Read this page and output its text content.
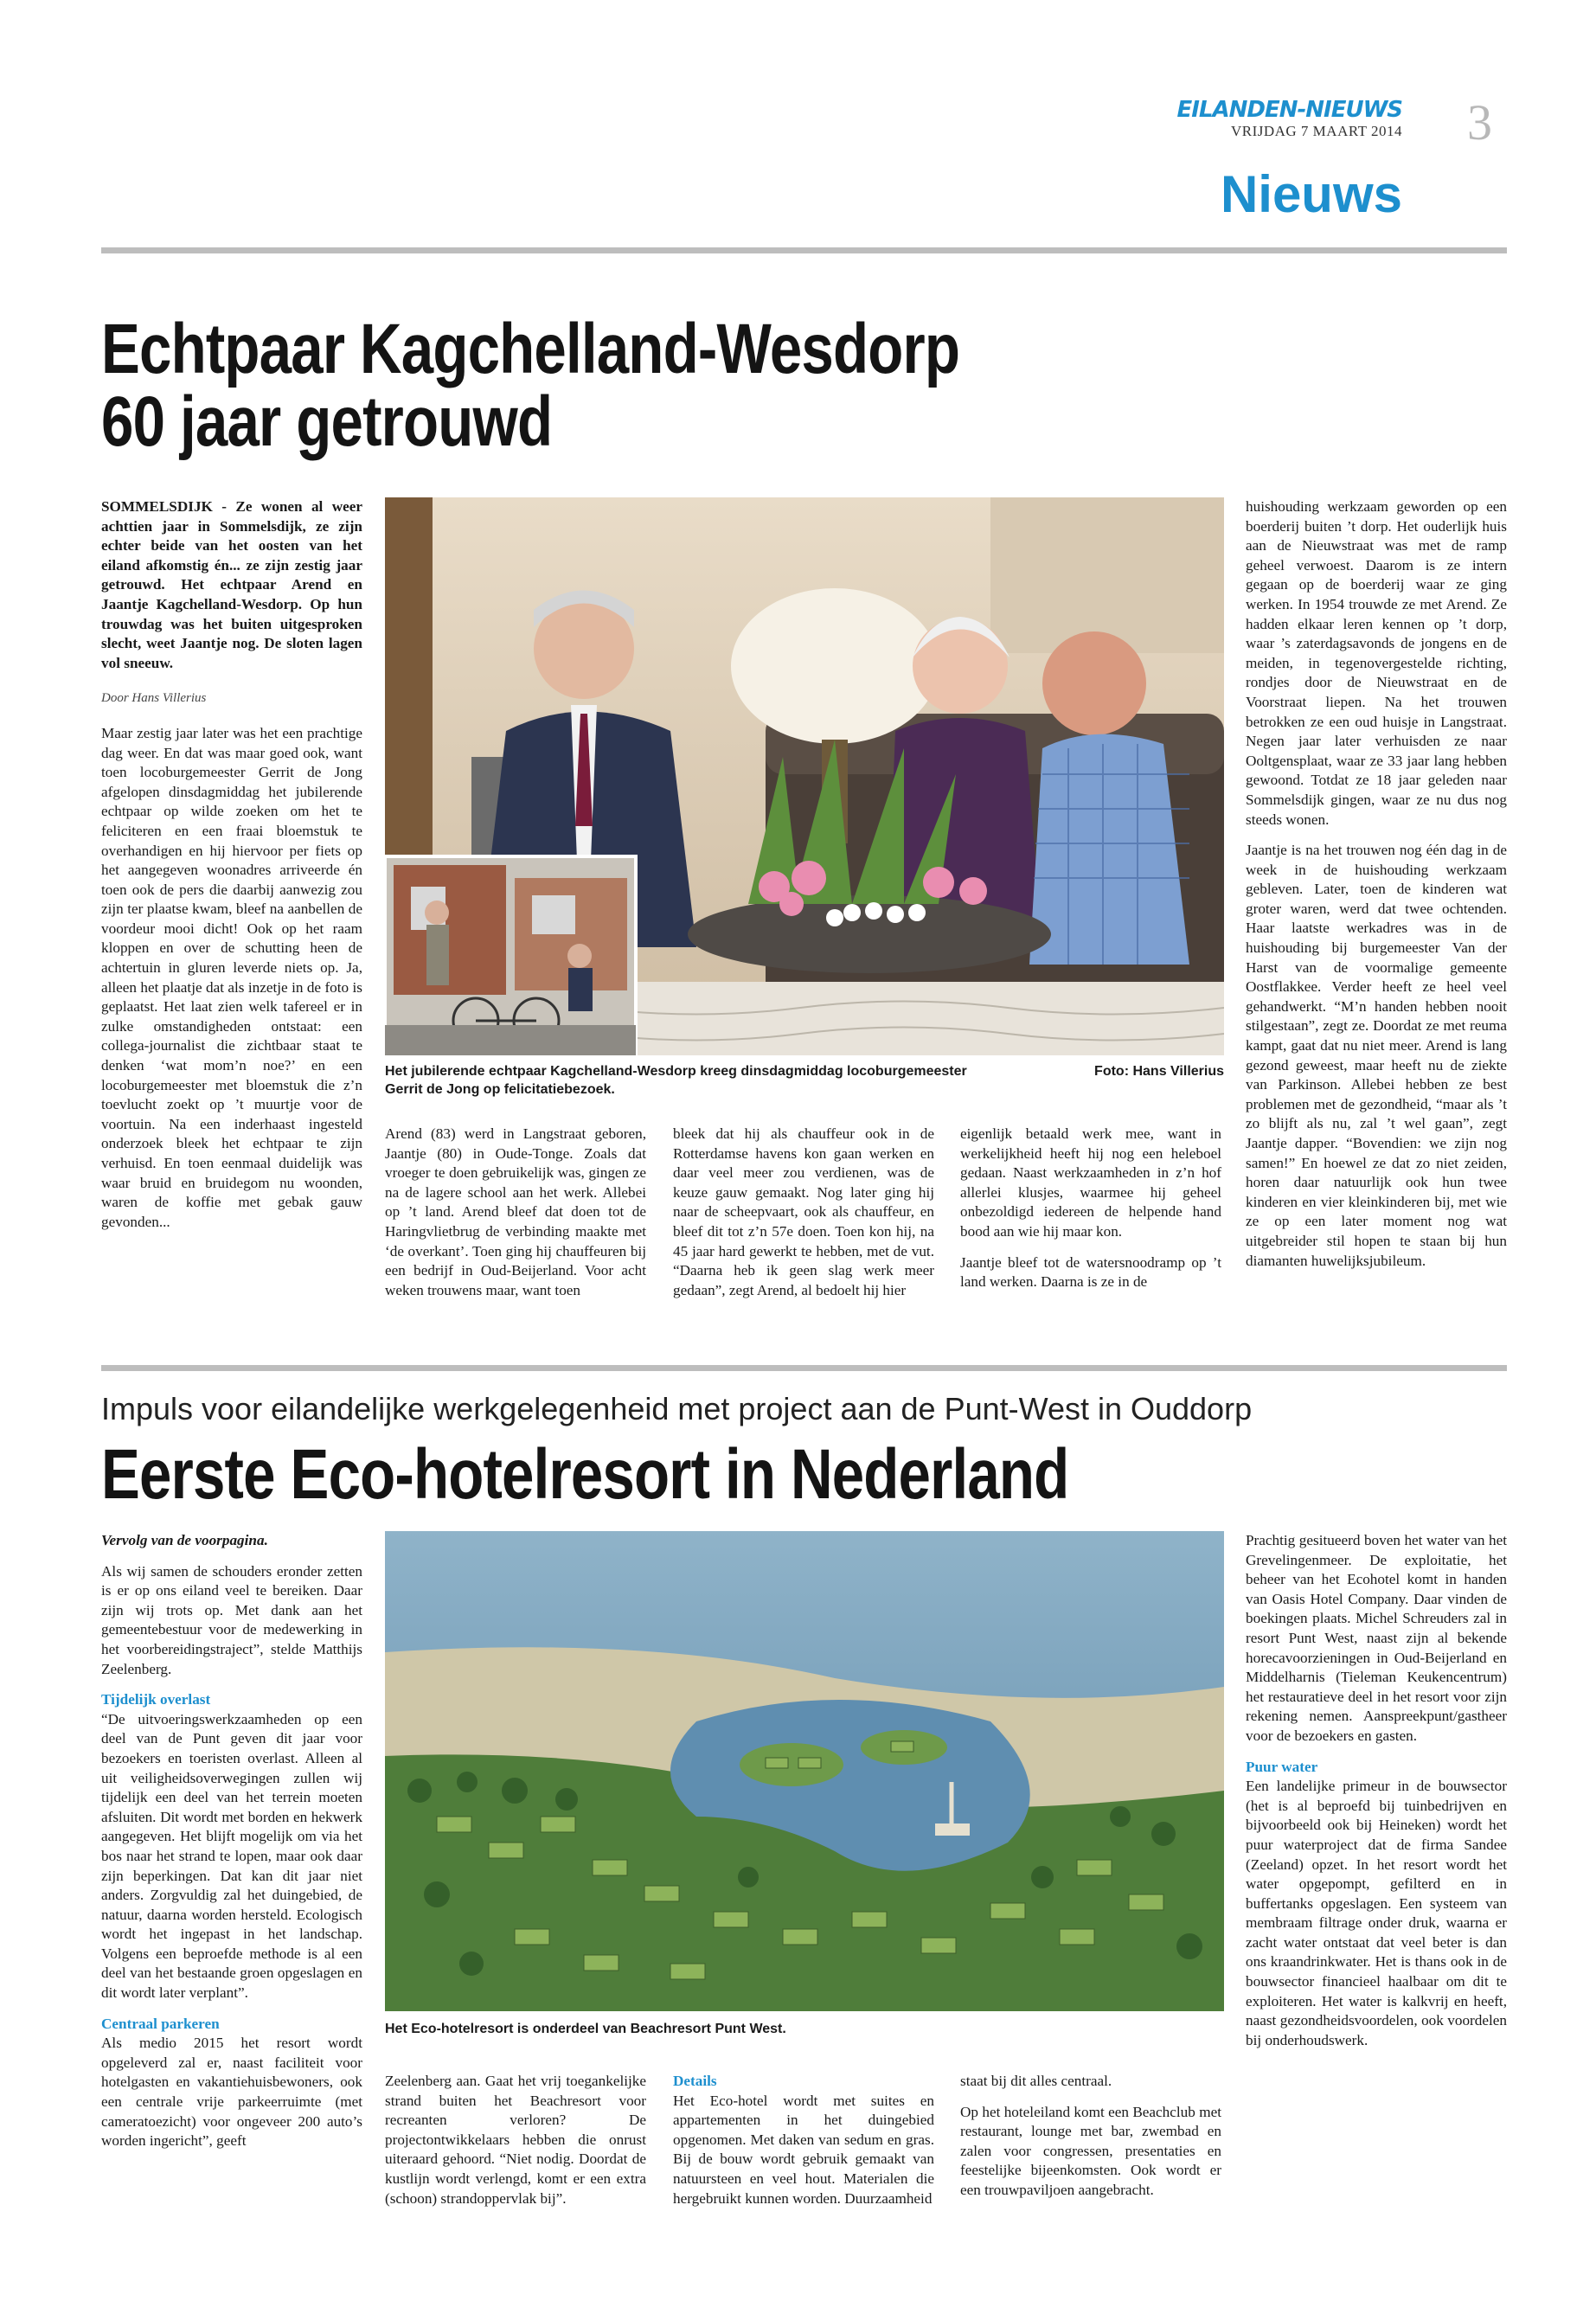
EILANDEN-NIEUWS
VRIJDAG 7 MAART 2014 3
Nieuws
Echtpaar Kagchelland-Wesdorp
60 jaar getrouwd

SOMMELSDIJK - Ze wonen al weer achttien jaar in Sommelsdijk, ze zijn echter beide van het oosten van het eiland afkomstig én... ze zijn zestig jaar getrouwd. Het echtpaar Arend en Jaantje Kagchelland-Wesdorp. Op hun trouwdag was het buiten uitgesproken slecht, weet Jaantje nog. De sloten lagen vol sneeuw.

Door Hans Villerius

Maar zestig jaar later was het een prachtige dag weer. En dat was maar goed ook, want toen locoburgemeester Gerrit de Jong afgelopen dinsdagmiddag het jubilerende echtpaar op wilde zoeken om het te feliciteren en een fraai bloemstuk te overhandigen en hij hiervoor per fiets op het aangegeven woonadres arriveerde én toen ook de pers die daarbij aanwezig zou zijn ter plaatse kwam, bleef na aanbellen de voordeur mooi dicht! Ook op het raam kloppen en over de schutting heen de achtertuin in gluren leverde niets op. Ja, alleen het plaatje dat als inzetje in de foto is geplaatst. Het laat zien welk tafereel er in zulke omstandigheden ontstaat: een collega-journalist die zichtbaar staat te denken ‘wat mom’n noe?’ en een locoburgemeester met bloemstuk die z’n toevlucht zoekt op ’t muurtje voor de voortuin. Na een inderhaast ingesteld onderzoek bleek het echtpaar te zijn verhuisd. En toen eenmaal duidelijk was waar bruid en bruidegom nu woonden, waren de koffie met gebak gauw gevonden...

Het jubilerende echtpaar Kagchelland-Wesdorp kreeg dinsdagmiddag locoburgemeester Gerrit de Jong op felicitatiebezoek.
Foto: Hans Villerius

Arend (83) werd in Langstraat geboren, Jaantje (80) in Oude-Tonge. Zoals dat vroeger te doen gebruikelijk was, gingen ze na de lagere school aan het werk. Allebei op ’t land. Arend bleef dat doen tot de Haringvlietbrug de verbinding maakte met ‘de overkant’. Toen ging hij chauffeuren bij een bedrijf in Oud-Beijerland. Voor acht weken trouwens maar, want toen

bleek dat hij als chauffeur ook in de Rotterdamse havens kon gaan werken en daar veel meer zou verdienen, was de keuze gauw gemaakt. Nog later ging hij naar de scheepvaart, ook als chauffeur, en bleef dit tot z’n 57e doen. Toen kon hij, na 45 jaar hard gewerkt te hebben, met de vut. “Daarna heb ik geen slag werk meer gedaan”, zegt Arend, al bedoelt hij hier

eigenlijk betaald werk mee, want in werkelijkheid heeft hij nog een heleboel gedaan. Naast werkzaamheden in z’n hof allerlei klusjes, waarmee hij geheel onbezoldigd iedereen de helpende hand bood aan wie hij maar kon.

Jaantje bleef tot de watersnoodramp op ’t land werken. Daarna is ze in de

huishouding werkzaam geworden op een boerderij buiten ’t dorp. Het ouderlijk huis aan de Nieuwstraat was met de ramp geheel verwoest. Daarom is ze intern gegaan op de boerderij waar ze ging werken. In 1954 trouwde ze met Arend. Ze hadden elkaar leren kennen op ’t dorp, waar ’s zaterdagsavonds de jongens en de meiden, in tegenovergestelde richting, rondjes door de Nieuwstraat en de Voorstraat liepen. Na het trouwen betrokken ze een oud huisje in Langstraat. Negen jaar later verhuisden ze naar Ooltgensplaat, waar ze 33 jaar lang hebben gewoond. Totdat ze 18 jaar geleden naar Sommelsdijk gingen, waar ze nu dus nog steeds wonen.

Jaantje is na het trouwen nog één dag in de week in de huishouding werkzaam gebleven. Later, toen de kinderen wat groter waren, werd dat twee ochtenden. Haar laatste werkadres was in de huishouding bij burgemeester Van der Harst van de voormalige gemeente Oostflakkee. Verder heeft ze heel veel gehandwerkt. “M’n handen hebben nooit stilgestaan”, zegt ze. Doordat ze met reuma kampt, gaat dat nu niet meer. Arend is lang gezond geweest, maar heeft nu de ziekte van Parkinson. Allebei hebben ze best problemen met de gezondheid, “maar als ’t zo blijft als nu, zal ’t wel gaan”, zegt Jaantje dapper. “Bovendien: we zijn nog samen!” En hoewel ze dat zo niet zeiden, horen daar natuurlijk ook hun twee kinderen en vier kleinkinderen bij, met wie ze op een later moment nog wat uitgebreider stil hopen te staan bij hun diamanten huwelijksjubileum.

Impuls voor eilandelijke werkgelegenheid met project aan de Punt-West in Ouddorp
Eerste Eco-hotelresort in Nederland

Vervolg van de voorpagina.

Als wij samen de schouders eronder zetten is er op ons eiland veel te bereiken. Daar zijn wij trots op. Met dank aan het gemeentebestuur voor de medewerking in het voorbereidingstraject”, stelde Matthijs Zeelenberg.

Tijdelijk overlast

“De uitvoeringswerkzaamheden op een deel van de Punt geven dit jaar voor bezoekers en toeristen overlast. Alleen al uit veiligheidsoverwegingen zullen wij tijdelijk een deel van het terrein moeten afsluiten. Dit wordt met borden en hekwerk aangegeven. Het blijft mogelijk om via het bos naar het strand te lopen, maar ook daar zijn beperkingen. Dat kan dit jaar niet anders. Zorgvuldig zal het duingebied, de natuur, daarna worden hersteld. Ecologisch wordt het ingepast in het landschap. Volgens een beproefde methode is al een deel van het bestaande groen opgeslagen en dit wordt later verplant”.

Centraal parkeren

Als medio 2015 het resort wordt opgeleverd zal er, naast faciliteit voor hotelgasten en vakantiehuisbewoners, ook een centrale vrije parkeerruimte (met cameratoezicht) voor ongeveer 200 auto’s worden ingericht”, geeft

Het Eco-hotelresort is onderdeel van Beachresort Punt West.

Zeelenberg aan. Gaat het vrij toegankelijke strand buiten het Beachresort voor recreanten verloren? De projectontwikkelaars hebben die onrust uiteraard gehoord. “Niet nodig. Doordat de kustlijn wordt verlengd, komt er een extra (schoon) strandoppervlak bij”.

Details

Het Eco-hotel wordt met suites en appartementen in het duingebied opgenomen. Met daken van sedum en gras. Bij de bouw wordt gebruik gemaakt van natuursteen en veel hout. Materialen die hergebruikt kunnen worden. Duurzaamheid

staat bij dit alles centraal.

Op het hoteleiland komt een Beachclub met restaurant, lounge met bar, zwembad en zalen voor congressen, presentaties en feestelijke bijeenkomsten. Ook wordt er een trouwpaviljoen aangebracht.

Prachtig gesitueerd boven het water van het Grevelingenmeer. De exploitatie, het beheer van het Ecohotel komt in handen van Oasis Hotel Company. Daar vinden de boekingen plaats. Michel Schreuders zal in resort Punt West, naast zijn al bekende horecavoorzieningen in Oud-Beijerland en Middelharnis (Tieleman Keukencentrum) het restauratieve deel in het resort voor zijn rekening nemen. Aanspreekpunt/gastheer voor de bezoekers en gasten.

Puur water

Een landelijke primeur in de bouwsector (het is al beproefd bij tuinbedrijven en bijvoorbeeld ook bij Heineken) wordt het puur waterproject dat de firma Sandee (Zeeland) opzet. In het resort wordt het water opgepompt, gefilterd en in buffertanks opgeslagen. Een systeem van membraam filtrage onder druk, waarna er zacht water ontstaat dat veel beter is dan ons kraandrinkwater. Het is thans ook in de bouwsector financieel haalbaar om dit te exploiteren. Het water is kalkvrij en heeft, naast gezondheidsvoordelen, ook voordelen bij onderhoudswerk.
